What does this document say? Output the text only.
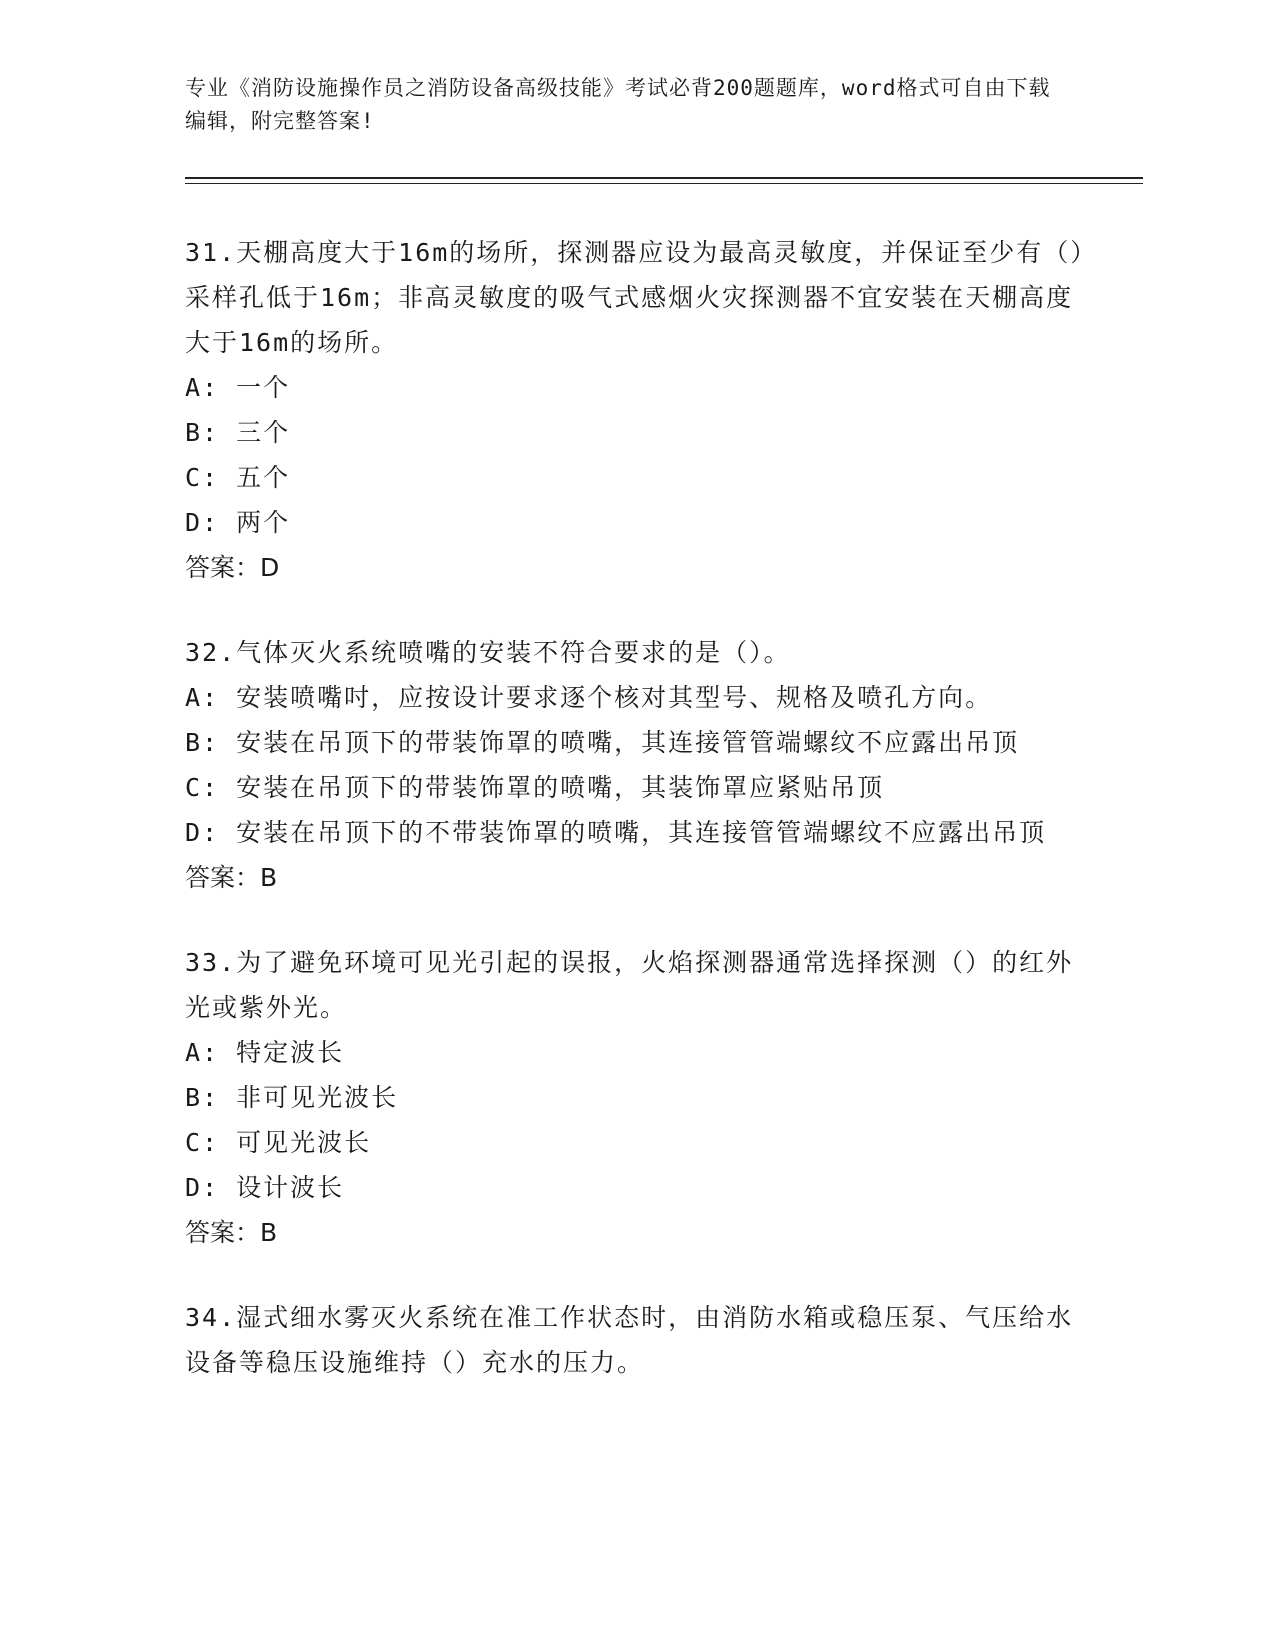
专业《消防设施操作员之消防设备高级技能》考试必背200题题库，word格式可自由下载编辑，附完整答案!

31.天棚高度大于16m的场所，探测器应设为最高灵敏度，并保证至少有（）采样孔低于16m；非高灵敏度的吸气式感烟火灾探测器不宜安装在天棚高度大于16m的场所。

A: 一个

B: 三个

C: 五个

D: 两个

答案：D

32.气体灭火系统喷嘴的安装不符合要求的是（）。

A: 安装喷嘴吋，应按设计要求逐个核对其型号、规格及喷孔方向。

B: 安装在吊顶下的带装饰罩的喷嘴，其连接管管端螺纹不应露出吊顶

C: 安装在吊顶下的带装饰罩的喷嘴，其装饰罩应紧贴吊顶

D: 安装在吊顶下的不带装饰罩的喷嘴，其连接管管端螺纹不应露出吊顶

答案：B

33.为了避免环境可见光引起的误报，火焰探测器通常选择探测（）的红外光或紫外光。

A: 特定波长

B: 非可见光波长

C: 可见光波长

D: 设计波长

答案：B

34.湿式细水雾灭火系统在准工作状态时，由消防水箱或稳压泵、气压给水设备等稳压设施维持（）充水的压力。
